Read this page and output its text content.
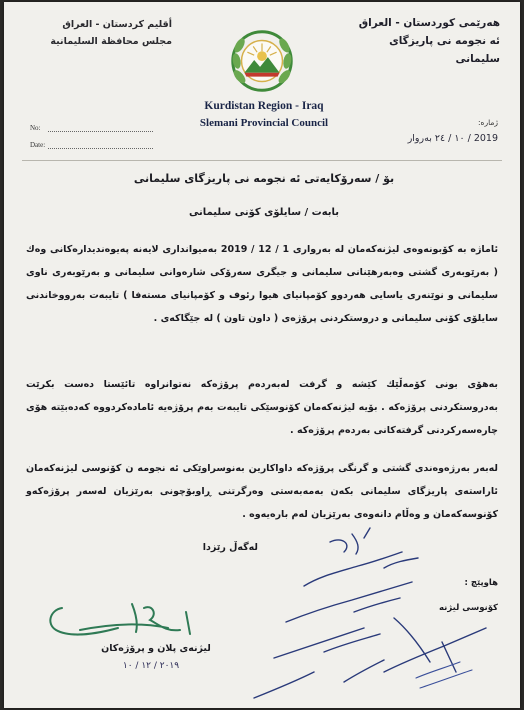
هەرێمی کوردستان - العراق
ئه نجومه نی پاریزگای سلیمانی
أقليم كردستان - العراق
مجلس محافظة السليمانية
Kurdistan Region - Iraq
Slemani Provincial Council
No:
Date:
ژمارە:
2019 / ١٠ / ٢٤ بەروار
بۆ / سەرۆکایەتی ئه نجومه نی پاریزگای سلیمانی
بابەت / سایلۆی کۆنی سلیمانی

ئاماژە بە کۆبونەوەی لیژنەکەمان لە بەرواری 1 / 12 / 2019 بەمیوانداری لایەنە پەیوەندیدارەکانی وەك ( بەرێوبەری گشتی وەبەرهێنانی سلیمانی و جیگری سەرۆکی شارەوانی سلیمانی و بەرێوبەری ناوی سلیمانی و نوێنەری یاسایی هەردوو کۆمپانیای هیوا رئوف و کۆمپانیای مستەفا ) تایبەت بەرووخاندنی سایلۆی کۆنی سلیمانی و دروستکردنی پرۆژەی ( داون تاون ) لە جێگاکەی .

بەهۆی بونی کۆمەڵێك کێشە و گرفت لەبەردەم پرۆژەکە نەتوانراوە تائێستا دەست بکرێت بەدروستکردنی پرۆژەکە . بۆیە لیژنەکەمان کۆنوسێکی تایبەت بەم پرۆژەیە ئامادەکردووە کەدەبێتە هۆی چارەسەرکردنی گرفتەکانی بەردەم پرۆژەکە .

لەبەر بەرژەوەندی گشتی و گرنگی پرۆژەکە داواکارین بەنوسراوێکی ئه نجومه ن کۆنوسی لیژنەکەمان ئاراستەی پاریزگای سلیمانی بکەن بەمەبەستی وەرگرتنی ڕاوبۆچونی بەرێزیان لەسەر پرۆژەکەو کۆنوسەکەمان و وەڵام دانەوەی بەرێزیان لەم بارەیەوە .

لەگەڵ رێزدا
هاوپێچ :
کۆنوسی لیژنە
لیژنەی پلان و پرۆژەکان
٢٠١٩ / ١٢ / ١٠
